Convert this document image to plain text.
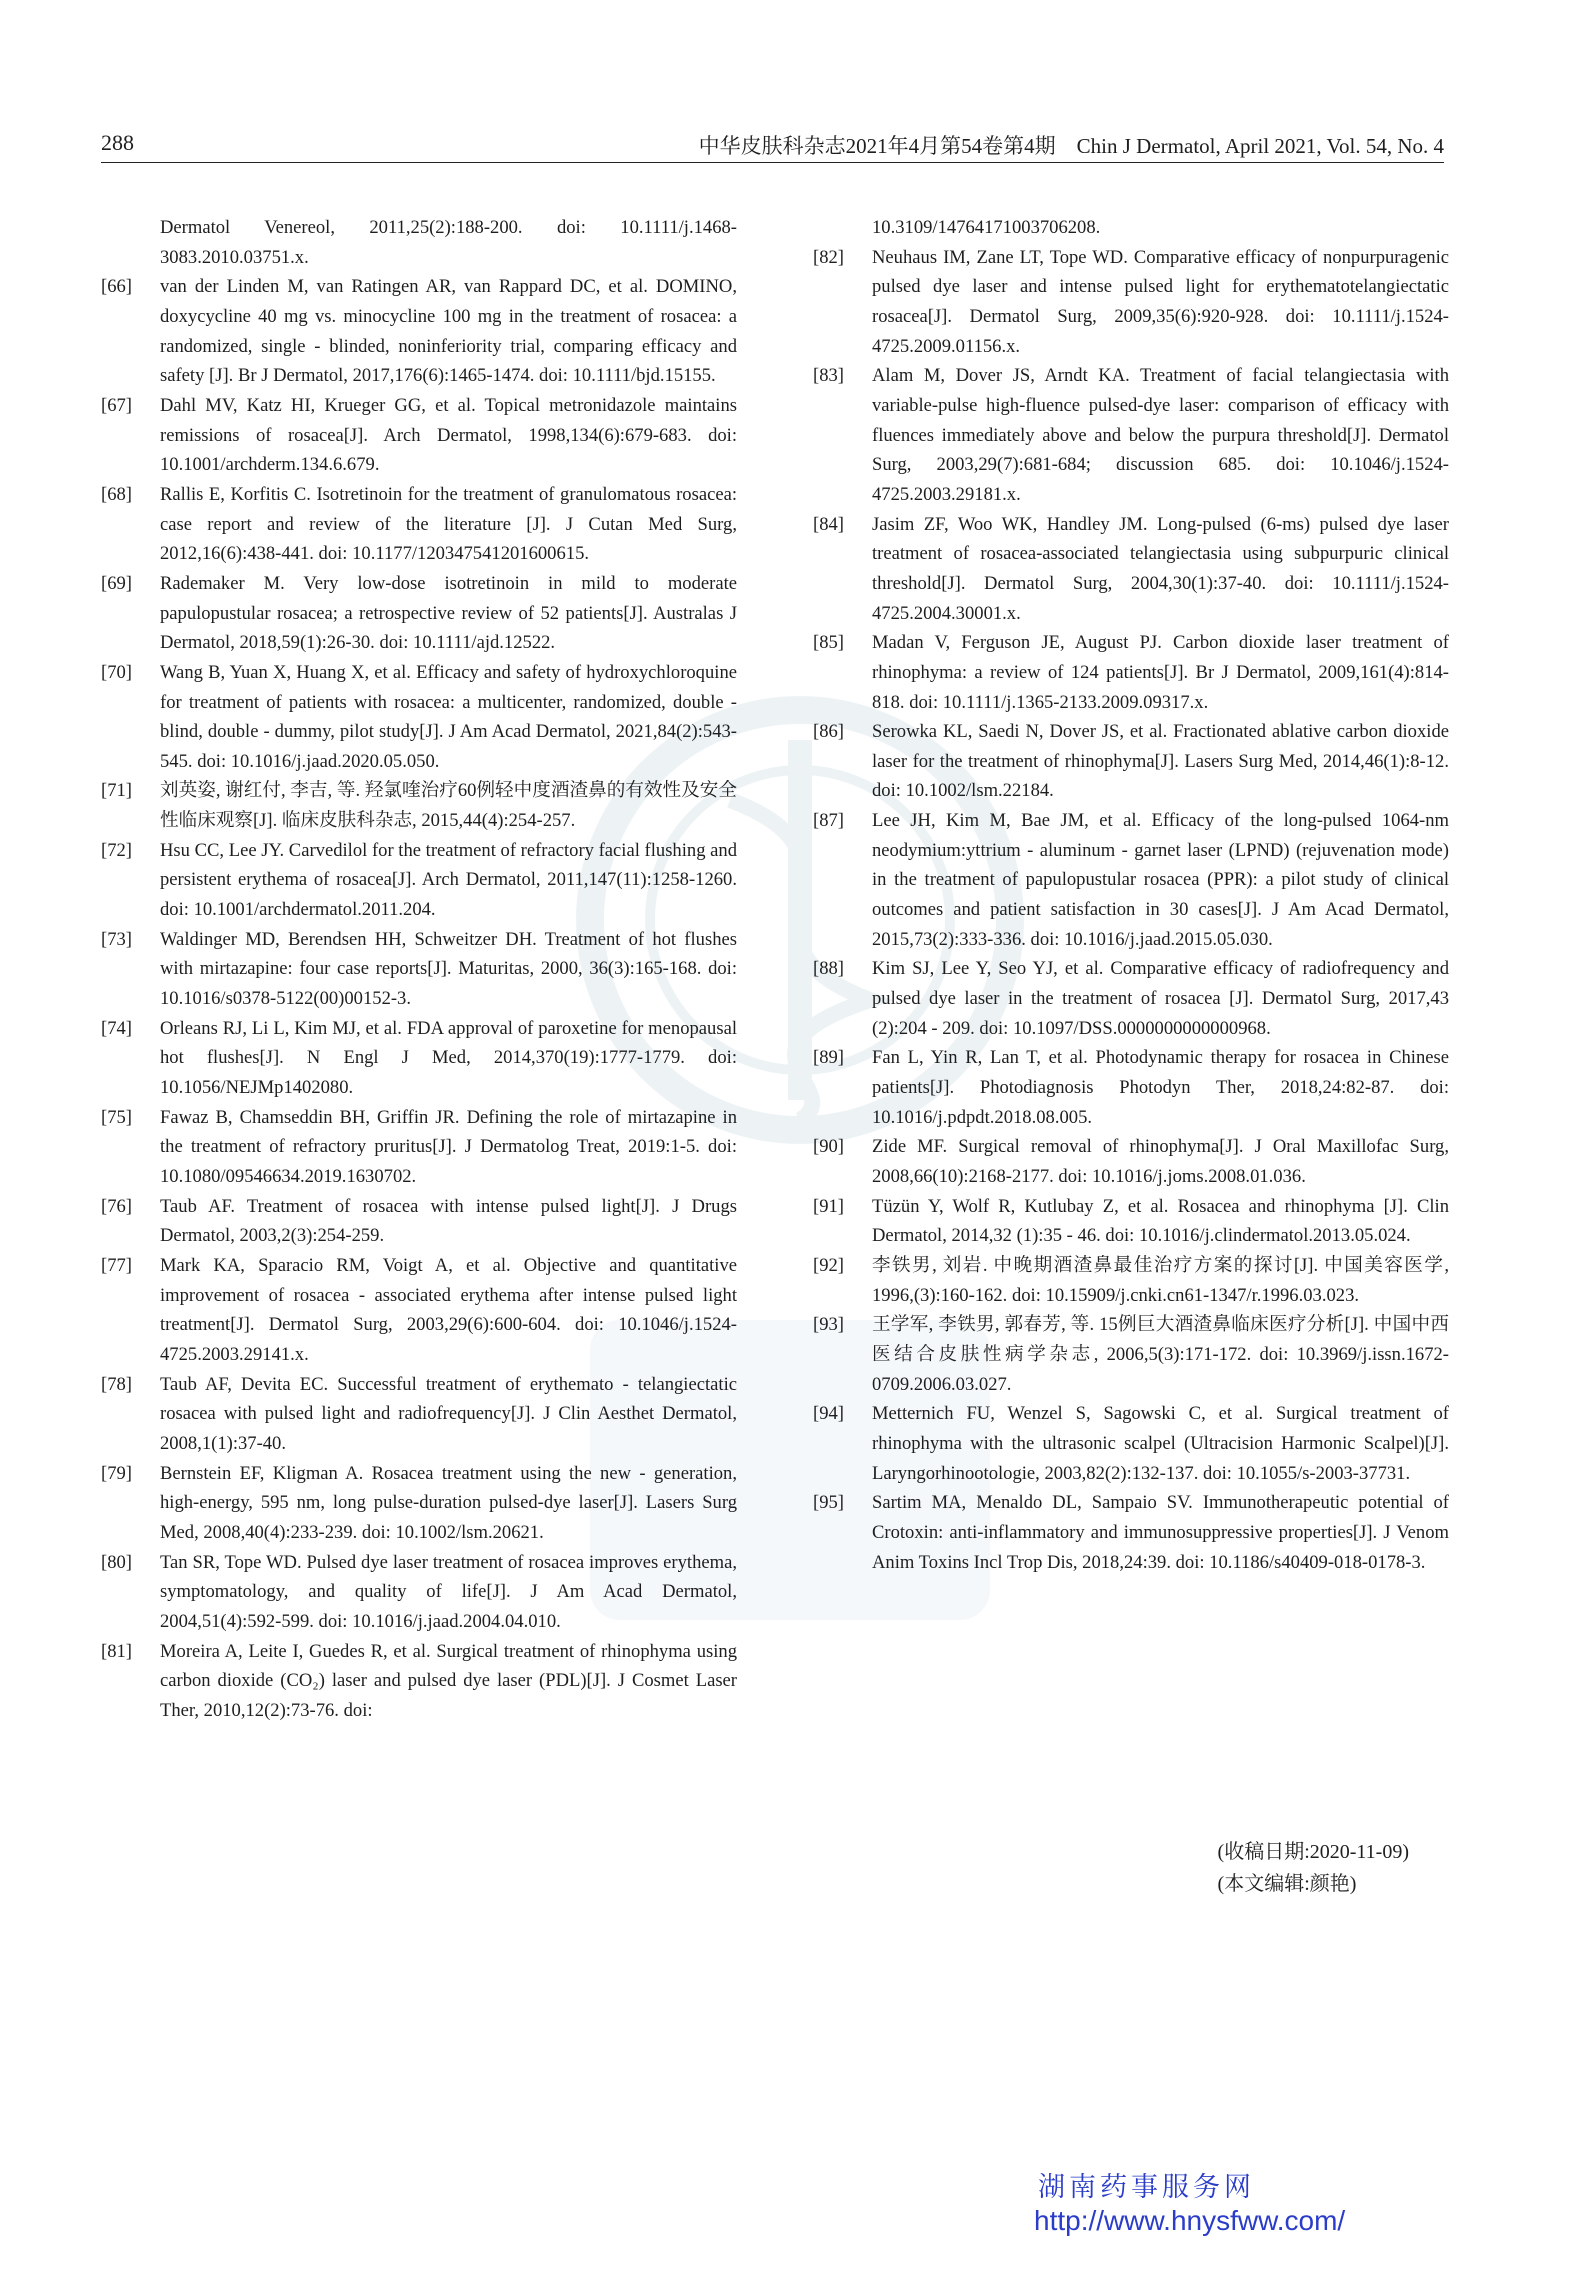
288	中华皮肤科杂志2021年4月第54卷第4期　Chin J Dermatol, April 2021, Vol. 54, No. 4
Dermatol Venereol, 2011,25(2):188-200. doi: 10.1111/j.1468-3083.2010.03751.x.
[66] van der Linden M, van Ratingen AR, van Rappard DC, et al. DOMINO, doxycycline 40 mg vs. minocycline 100 mg in the treatment of rosacea: a randomized, single - blinded, noninferiority trial, comparing efficacy and safety [J]. Br J Dermatol, 2017,176(6):1465-1474. doi: 10.1111/bjd.15155.
[67] Dahl MV, Katz HI, Krueger GG, et al. Topical metronidazole maintains remissions of rosacea[J]. Arch Dermatol, 1998,134(6):679-683. doi: 10.1001/archderm.134.6.679.
[68] Rallis E, Korfitis C. Isotretinoin for the treatment of granulomatous rosacea: case report and review of the literature [J]. J Cutan Med Surg, 2012,16(6):438-441. doi: 10.1177/120347541201600615.
[69] Rademaker M. Very low-dose isotretinoin in mild to moderate papulopustular rosacea; a retrospective review of 52 patients[J]. Australas J Dermatol, 2018,59(1):26-30. doi: 10.1111/ajd.12522.
[70] Wang B, Yuan X, Huang X, et al. Efficacy and safety of hydroxychloroquine for treatment of patients with rosacea: a multicenter, randomized, double - blind, double - dummy, pilot study[J]. J Am Acad Dermatol, 2021,84(2):543-545. doi: 10.1016/j.jaad.2020.05.050.
[71] 刘英姿, 谢红付, 李吉, 等. 羟氯喹治疗60例轻中度酒渣鼻的有效性及安全性临床观察[J]. 临床皮肤科杂志, 2015,44(4):254-257.
[72] Hsu CC, Lee JY. Carvedilol for the treatment of refractory facial flushing and persistent erythema of rosacea[J]. Arch Dermatol, 2011,147(11):1258-1260. doi: 10.1001/archdermatol.2011.204.
[73] Waldinger MD, Berendsen HH, Schweitzer DH. Treatment of hot flushes with mirtazapine: four case reports[J]. Maturitas, 2000, 36(3):165-168. doi: 10.1016/s0378-5122(00)00152-3.
[74] Orleans RJ, Li L, Kim MJ, et al. FDA approval of paroxetine for menopausal hot flushes[J]. N Engl J Med, 2014,370(19):1777-1779. doi: 10.1056/NEJMp1402080.
[75] Fawaz B, Chamseddin BH, Griffin JR. Defining the role of mirtazapine in the treatment of refractory pruritus[J]. J Dermatolog Treat, 2019:1-5. doi: 10.1080/09546634.2019.1630702.
[76] Taub AF. Treatment of rosacea with intense pulsed light[J]. J Drugs Dermatol, 2003,2(3):254-259.
[77] Mark KA, Sparacio RM, Voigt A, et al. Objective and quantitative improvement of rosacea - associated erythema after intense pulsed light treatment[J]. Dermatol Surg, 2003,29(6):600-604. doi: 10.1046/j.1524-4725.2003.29141.x.
[78] Taub AF, Devita EC. Successful treatment of erythemato - telangiectatic rosacea with pulsed light and radiofrequency[J]. J Clin Aesthet Dermatol, 2008,1(1):37-40.
[79] Bernstein EF, Kligman A. Rosacea treatment using the new - generation, high-energy, 595 nm, long pulse-duration pulsed-dye laser[J]. Lasers Surg Med, 2008,40(4):233-239. doi: 10.1002/lsm.20621.
[80] Tan SR, Tope WD. Pulsed dye laser treatment of rosacea improves erythema, symptomatology, and quality of life[J]. J Am Acad Dermatol, 2004,51(4):592-599. doi: 10.1016/j.jaad.2004.04.010.
[81] Moreira A, Leite I, Guedes R, et al. Surgical treatment of rhinophyma using carbon dioxide (CO₂) laser and pulsed dye laser (PDL)[J]. J Cosmet Laser Ther, 2010,12(2):73-76. doi:
10.3109/14764171003706208.
[82] Neuhaus IM, Zane LT, Tope WD. Comparative efficacy of nonpurpuragenic pulsed dye laser and intense pulsed light for erythematotelangiectatic rosacea[J]. Dermatol Surg, 2009,35(6):920-928. doi: 10.1111/j.1524-4725.2009.01156.x.
[83] Alam M, Dover JS, Arndt KA. Treatment of facial telangiectasia with variable-pulse high-fluence pulsed-dye laser: comparison of efficacy with fluences immediately above and below the purpura threshold[J]. Dermatol Surg, 2003,29(7):681-684; discussion 685. doi: 10.1046/j.1524-4725.2003.29181.x.
[84] Jasim ZF, Woo WK, Handley JM. Long-pulsed (6-ms) pulsed dye laser treatment of rosacea-associated telangiectasia using subpurpuric clinical threshold[J]. Dermatol Surg, 2004,30(1):37-40. doi: 10.1111/j.1524-4725.2004.30001.x.
[85] Madan V, Ferguson JE, August PJ. Carbon dioxide laser treatment of rhinophyma: a review of 124 patients[J]. Br J Dermatol, 2009,161(4):814-818. doi: 10.1111/j.1365-2133.2009.09317.x.
[86] Serowka KL, Saedi N, Dover JS, et al. Fractionated ablative carbon dioxide laser for the treatment of rhinophyma[J]. Lasers Surg Med, 2014,46(1):8-12. doi: 10.1002/lsm.22184.
[87] Lee JH, Kim M, Bae JM, et al. Efficacy of the long-pulsed 1064-nm neodymium:yttrium - aluminum - garnet laser (LPND) (rejuvenation mode) in the treatment of papulopustular rosacea (PPR): a pilot study of clinical outcomes and patient satisfaction in 30 cases[J]. J Am Acad Dermatol, 2015,73(2):333-336. doi: 10.1016/j.jaad.2015.05.030.
[88] Kim SJ, Lee Y, Seo YJ, et al. Comparative efficacy of radiofrequency and pulsed dye laser in the treatment of rosacea [J]. Dermatol Surg, 2017,43 (2):204 - 209. doi: 10.1097/DSS.0000000000000968.
[89] Fan L, Yin R, Lan T, et al. Photodynamic therapy for rosacea in Chinese patients[J]. Photodiagnosis Photodyn Ther, 2018,24:82-87. doi: 10.1016/j.pdpdt.2018.08.005.
[90] Zide MF. Surgical removal of rhinophyma[J]. J Oral Maxillofac Surg, 2008,66(10):2168-2177. doi: 10.1016/j.joms.2008.01.036.
[91] Tüzün Y, Wolf R, Kutlubay Z, et al. Rosacea and rhinophyma [J]. Clin Dermatol, 2014,32 (1):35 - 46. doi: 10.1016/j.clindermatol.2013.05.024.
[92] 李铁男, 刘岩. 中晚期酒渣鼻最佳治疗方案的探讨[J]. 中国美容医学, 1996,(3):160-162. doi: 10.15909/j.cnki.cn61-1347/r.1996.03.023.
[93] 王学军, 李铁男, 郭春芳, 等. 15例巨大酒渣鼻临床医疗分析[J]. 中国中西医结合皮肤性病学杂志, 2006,5(3):171-172. doi: 10.3969/j.issn.1672-0709.2006.03.027.
[94] Metternich FU, Wenzel S, Sagowski C, et al. Surgical treatment of rhinophyma with the ultrasonic scalpel (Ultracision Harmonic Scalpel)[J]. Laryngorhinootologie, 2003,82(2):132-137. doi: 10.1055/s-2003-37731.
[95] Sartim MA, Menaldo DL, Sampaio SV. Immunotherapeutic potential of Crotoxin: anti-inflammatory and immunosuppressive properties[J]. J Venom Anim Toxins Incl Trop Dis, 2018,24:39. doi: 10.1186/s40409-018-0178-3.
(收稿日期:2020-11-09)
(本文编辑:颜艳)
湖南药事服务网
http://www.hnysfww.com/
